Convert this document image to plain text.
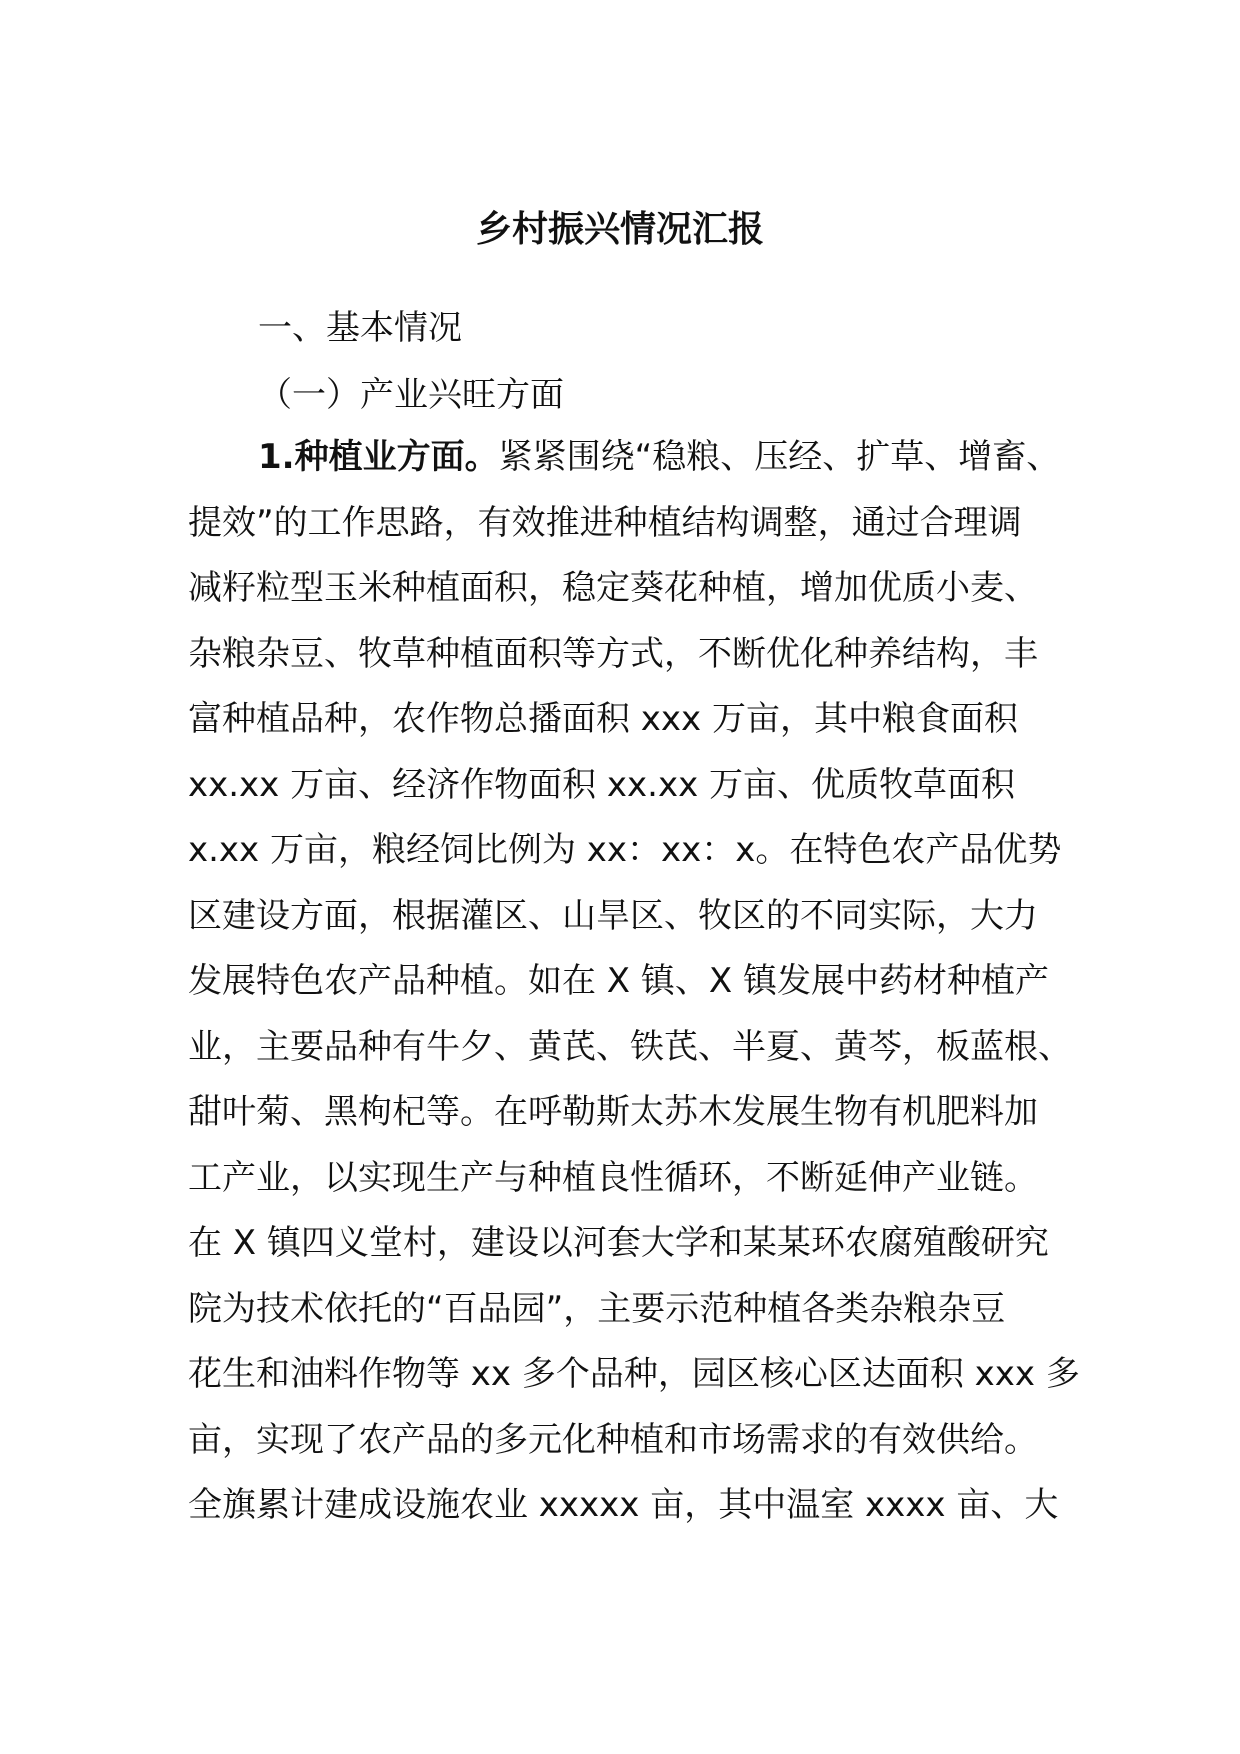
乡村振兴情况汇报
一、基本情况
（一）产业兴旺方面
1.种植业方面。紧紧围绕“稳粮、压经、扩草、增畜、
提效”的工作思路，有效推进种植结构调整，通过合理调
减籽粒型玉米种植面积，稳定葵花种植，增加优质小麦、
杂粮杂豆、牧草种植面积等方式，不断优化种养结构，丰
富种植品种，农作物总播面积 xxx 万亩，其中粮食面积
xx.xx 万亩、经济作物面积 xx.xx 万亩、优质牧草面积
x.xx 万亩，粮经饲比例为 xx：xx：x。在特色农产品优势
区建设方面，根据灌区、山旱区、牧区的不同实际，大力
发展特色农产品种植。如在 X 镇、X 镇发展中药材种植产
业，主要品种有牛夕、黄芪、铁芪、半夏、黄芩，板蓝根、
甜叶菊、黑枸杞等。在呼勒斯太苏木发展生物有机肥料加
工产业，以实现生产与种植良性循环，不断延伸产业链。
在 X 镇四义堂村，建设以河套大学和某某环农腐殖酸研究
院为技术依托的“百品园”，主要示范种植各类杂粮杂豆
花生和油料作物等 xx 多个品种，园区核心区达面积 xxx 多
亩，实现了农产品的多元化种植和市场需求的有效供给。
全旗累计建成设施农业 xxxxx 亩，其中温室 xxxx 亩、大
